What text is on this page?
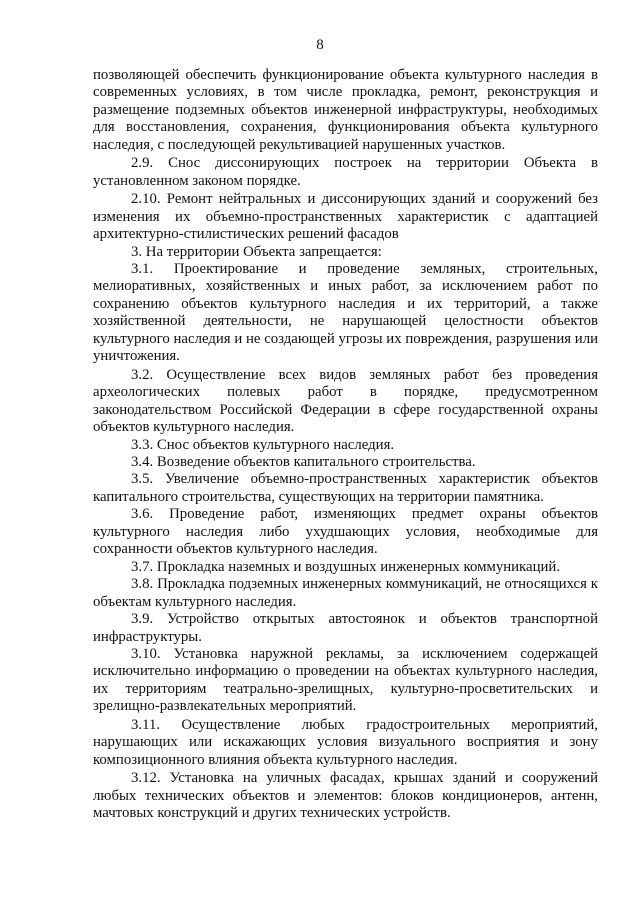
8

позволяющей обеспечить функционирование объекта культурного наследия в современных условиях, в том числе прокладка, ремонт, реконструкция и размещение подземных объектов инженерной инфраструктуры, необходимых для восстановления, сохранения, функционирования объекта культурного наследия, с последующей рекультивацией нарушенных участков.

2.9. Снос диссонирующих построек на территории Объекта в установленном законом порядке.

2.10. Ремонт нейтральных и диссонирующих зданий и сооружений без изменения их объемно-пространственных характеристик с адаптацией архитектурно-стилистических решений фасадов

3. На территории Объекта запрещается:

3.1. Проектирование и проведение земляных, строительных, мелиоративных, хозяйственных и иных работ, за исключением работ по сохранению объектов культурного наследия и их территорий, а также хозяйственной деятельности, не нарушающей целостности объектов культурного наследия и не создающей угрозы их повреждения, разрушения или уничтожения.

3.2. Осуществление всех видов земляных работ без проведения археологических полевых работ в порядке, предусмотренном законодательством Российской Федерации в сфере государственной охраны объектов культурного наследия.

3.3. Снос объектов культурного наследия.

3.4. Возведение объектов капитального строительства.

3.5. Увеличение объемно-пространственных характеристик объектов капитального строительства, существующих на территории памятника.

3.6. Проведение работ, изменяющих предмет охраны объектов культурного наследия либо ухудшающих условия, необходимые для сохранности объектов культурного наследия.

3.7. Прокладка наземных и воздушных инженерных коммуникаций.

3.8. Прокладка подземных инженерных коммуникаций, не относящихся к объектам культурного наследия.

3.9. Устройство открытых автостоянок и объектов транспортной инфраструктуры.

3.10. Установка наружной рекламы, за исключением содержащей исключительно информацию о проведении на объектах культурного наследия, их территориям театрально-зрелищных, культурно-просветительских и зрелищно-развлекательных мероприятий.

3.11. Осуществление любых градостроительных мероприятий, нарушающих или искажающих условия визуального восприятия и зону композиционного влияния объекта культурного наследия.

3.12. Установка на уличных фасадах, крышах зданий и сооружений любых технических объектов и элементов: блоков кондиционеров, антенн, мачтовых конструкций и других технических устройств.
